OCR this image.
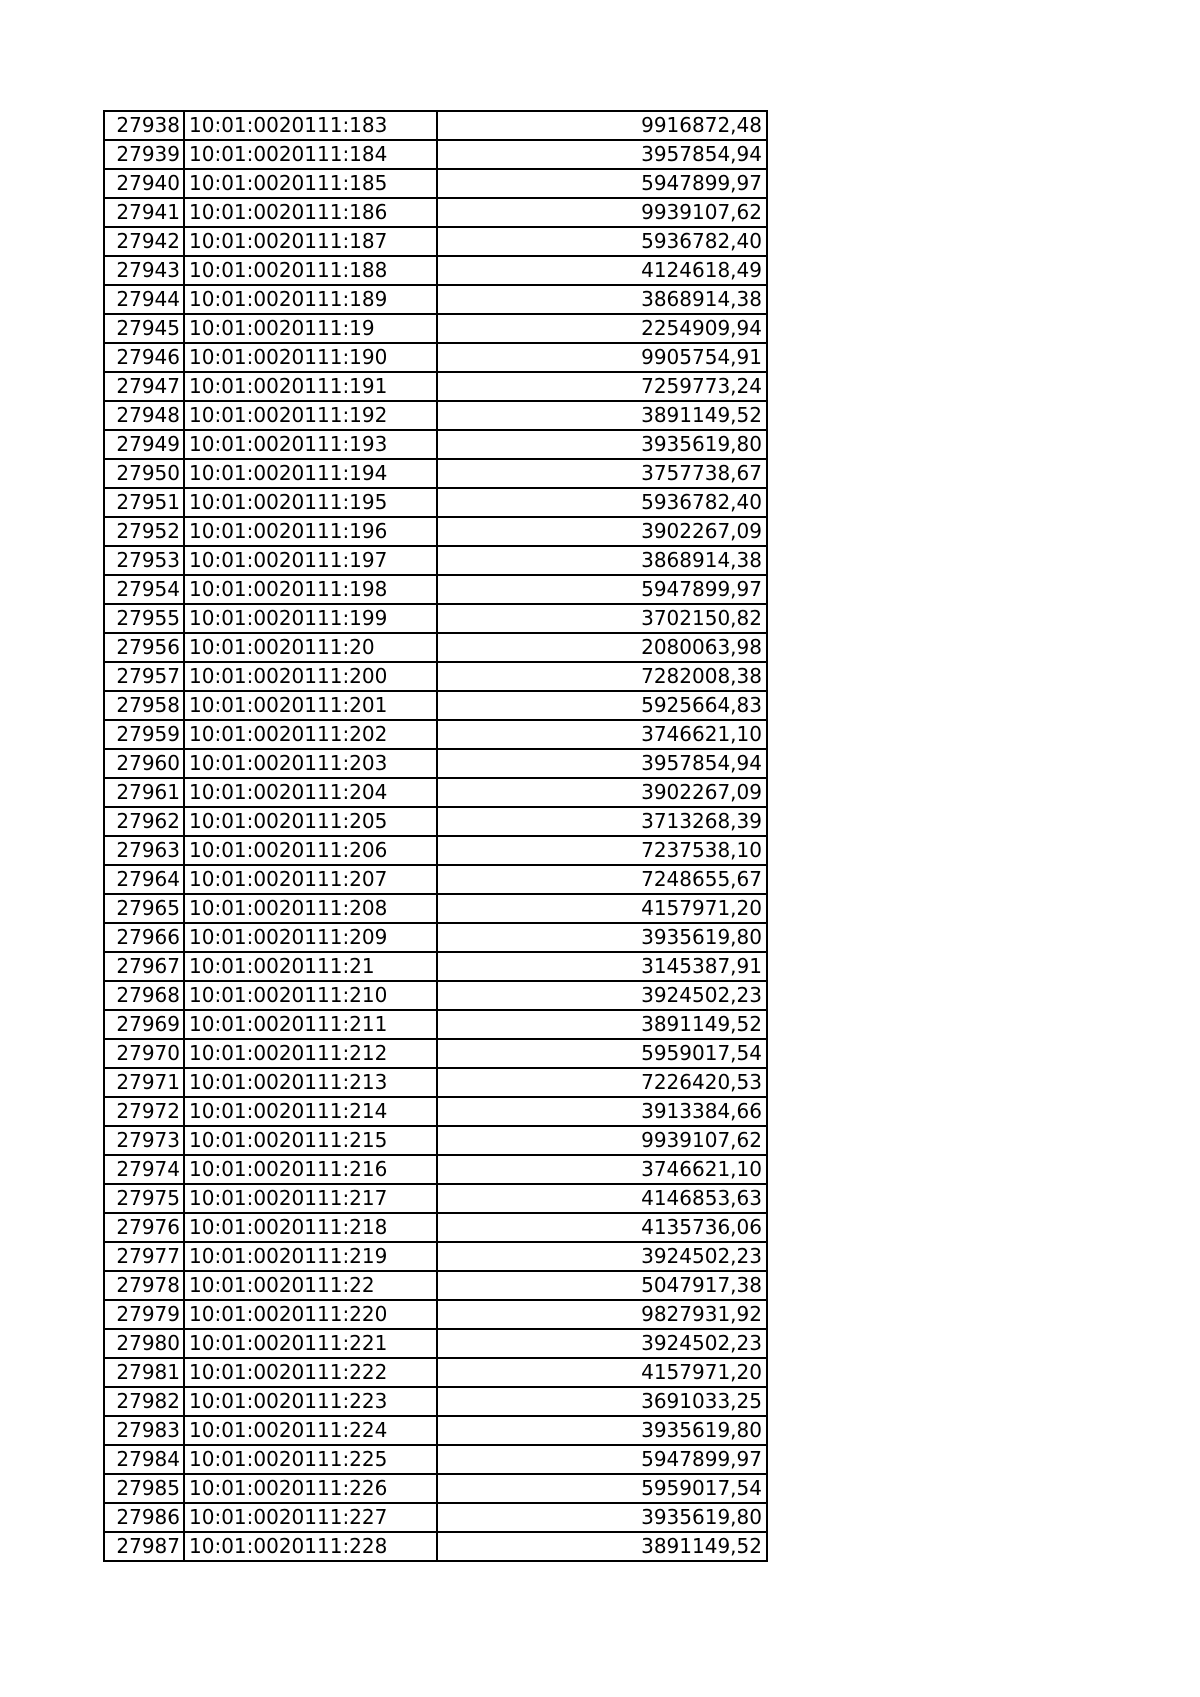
27938	10:01:0020111:183	9916872,48
27939	10:01:0020111:184	3957854,94
27940	10:01:0020111:185	5947899,97
27941	10:01:0020111:186	9939107,62
27942	10:01:0020111:187	5936782,40
27943	10:01:0020111:188	4124618,49
27944	10:01:0020111:189	3868914,38
27945	10:01:0020111:19	2254909,94
27946	10:01:0020111:190	9905754,91
27947	10:01:0020111:191	7259773,24
27948	10:01:0020111:192	3891149,52
27949	10:01:0020111:193	3935619,80
27950	10:01:0020111:194	3757738,67
27951	10:01:0020111:195	5936782,40
27952	10:01:0020111:196	3902267,09
27953	10:01:0020111:197	3868914,38
27954	10:01:0020111:198	5947899,97
27955	10:01:0020111:199	3702150,82
27956	10:01:0020111:20	2080063,98
27957	10:01:0020111:200	7282008,38
27958	10:01:0020111:201	5925664,83
27959	10:01:0020111:202	3746621,10
27960	10:01:0020111:203	3957854,94
27961	10:01:0020111:204	3902267,09
27962	10:01:0020111:205	3713268,39
27963	10:01:0020111:206	7237538,10
27964	10:01:0020111:207	7248655,67
27965	10:01:0020111:208	4157971,20
27966	10:01:0020111:209	3935619,80
27967	10:01:0020111:21	3145387,91
27968	10:01:0020111:210	3924502,23
27969	10:01:0020111:211	3891149,52
27970	10:01:0020111:212	5959017,54
27971	10:01:0020111:213	7226420,53
27972	10:01:0020111:214	3913384,66
27973	10:01:0020111:215	9939107,62
27974	10:01:0020111:216	3746621,10
27975	10:01:0020111:217	4146853,63
27976	10:01:0020111:218	4135736,06
27977	10:01:0020111:219	3924502,23
27978	10:01:0020111:22	5047917,38
27979	10:01:0020111:220	9827931,92
27980	10:01:0020111:221	3924502,23
27981	10:01:0020111:222	4157971,20
27982	10:01:0020111:223	3691033,25
27983	10:01:0020111:224	3935619,80
27984	10:01:0020111:225	5947899,97
27985	10:01:0020111:226	5959017,54
27986	10:01:0020111:227	3935619,80
27987	10:01:0020111:228	3891149,52
